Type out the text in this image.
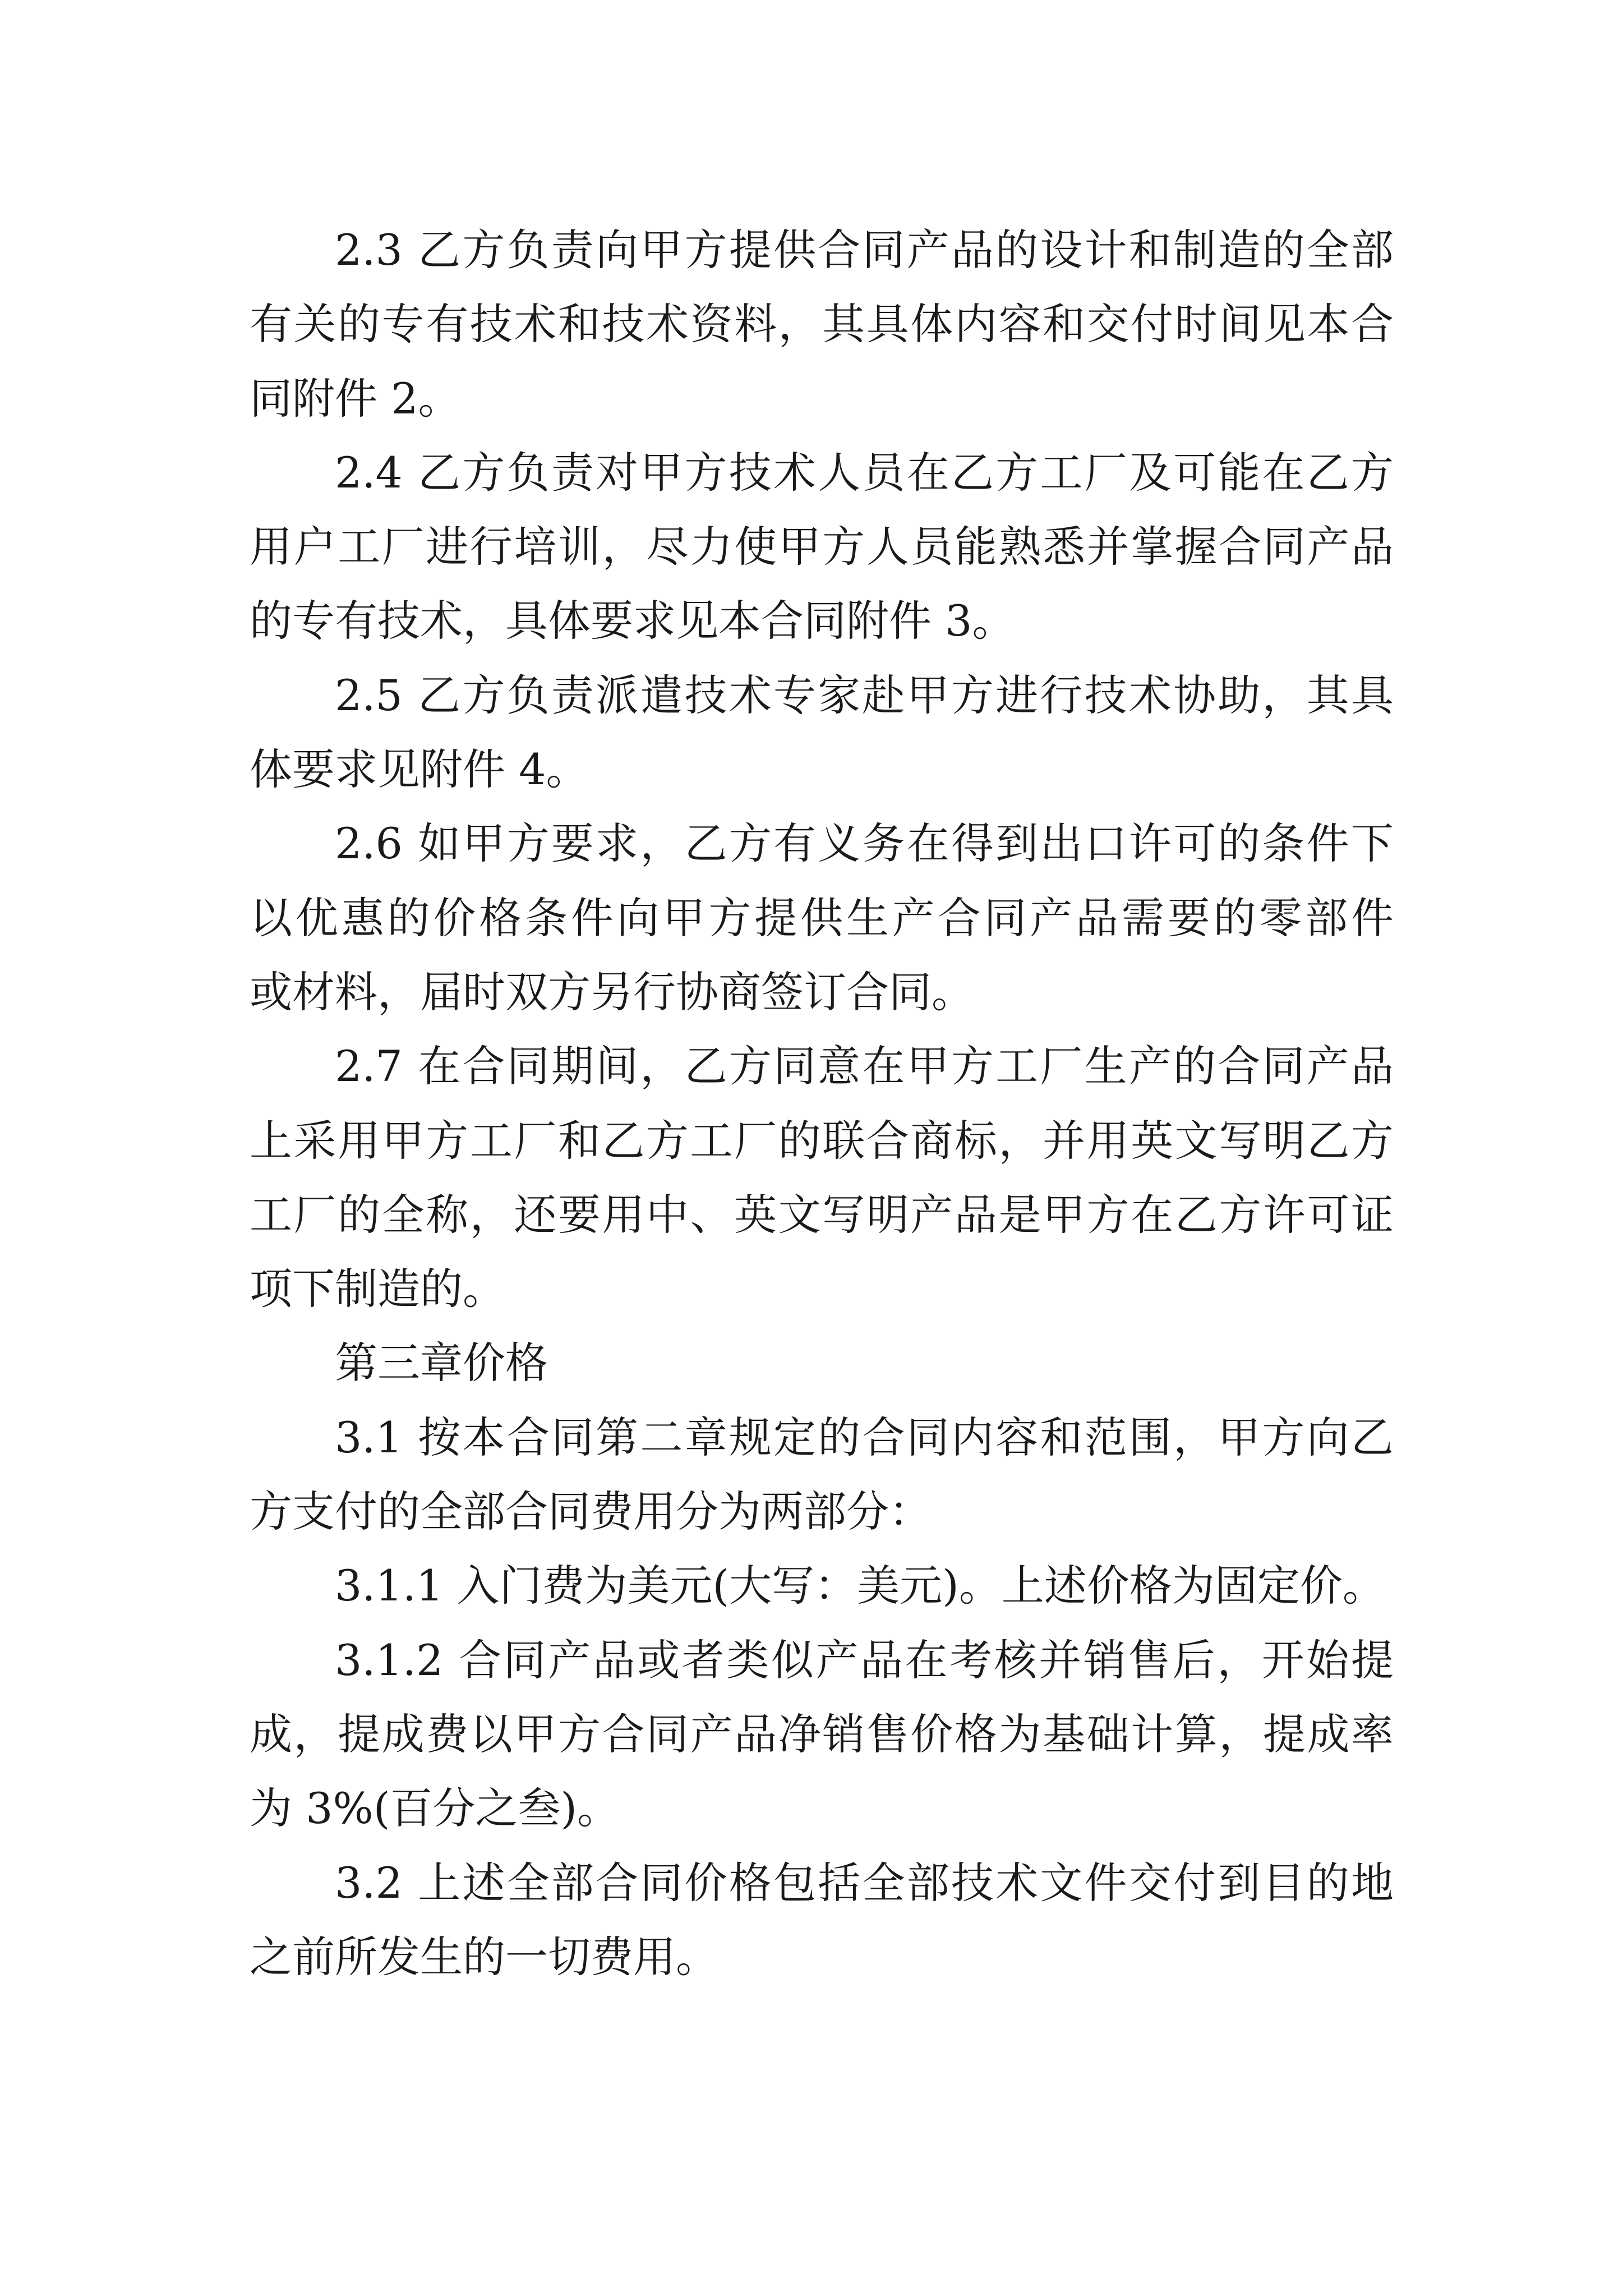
2.3 乙方负责向甲方提供合同产品的设计和制造的全部
有关的专有技术和技术资料，其具体内容和交付时间见本合
同附件 2。
2.4 乙方负责对甲方技术人员在乙方工厂及可能在乙方
用户工厂进行培训，尽力使甲方人员能熟悉并掌握合同产品
的专有技术，具体要求见本合同附件 3。
2.5 乙方负责派遣技术专家赴甲方进行技术协助，其具
体要求见附件 4。
2.6 如甲方要求，乙方有义务在得到出口许可的条件下
以优惠的价格条件向甲方提供生产合同产品需要的零部件
或材料，届时双方另行协商签订合同。
2.7 在合同期间，乙方同意在甲方工厂生产的合同产品
上采用甲方工厂和乙方工厂的联合商标，并用英文写明乙方
工厂的全称，还要用中、英文写明产品是甲方在乙方许可证
项下制造的。
第三章价格
3.1 按本合同第二章规定的合同内容和范围，甲方向乙
方支付的全部合同费用分为两部分：
3.1.1 入门费为美元(大写：美元)。上述价格为固定价。
3.1.2 合同产品或者类似产品在考核并销售后，开始提
成，提成费以甲方合同产品净销售价格为基础计算，提成率
为 3%(百分之叁)。
3.2 上述全部合同价格包括全部技术文件交付到目的地
之前所发生的一切费用。
